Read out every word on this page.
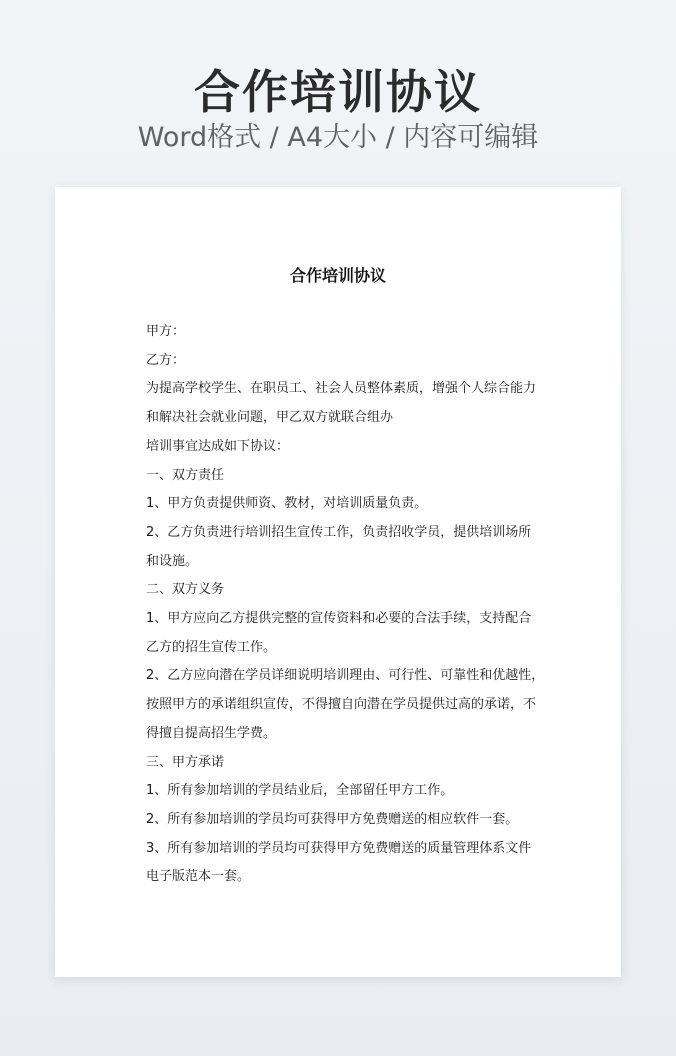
合作培训协议
Word格式 / A4大小 / 内容可编辑
合作培训协议
甲方：
乙方：
为提高学校学生、在职员工、社会人员整体素质，增强个人综合能力
和解决社会就业问题，甲乙双方就联合组办
培训事宜达成如下协议：
一、双方责任
1、甲方负责提供师资、教材，对培训质量负责。
2、乙方负责进行培训招生宣传工作，负责招收学员，提供培训场所
和设施。
二、双方义务
1、甲方应向乙方提供完整的宣传资料和必要的合法手续，支持配合
乙方的招生宣传工作。
2、乙方应向潜在学员详细说明培训理由、可行性、可靠性和优越性，
按照甲方的承诺组织宣传，不得擅自向潜在学员提供过高的承诺，不
得擅自提高招生学费。
三、甲方承诺
1、所有参加培训的学员结业后，全部留任甲方工作。
2、所有参加培训的学员均可获得甲方免费赠送的相应软件一套。
3、所有参加培训的学员均可获得甲方免费赠送的质量管理体系文件
电子版范本一套。
